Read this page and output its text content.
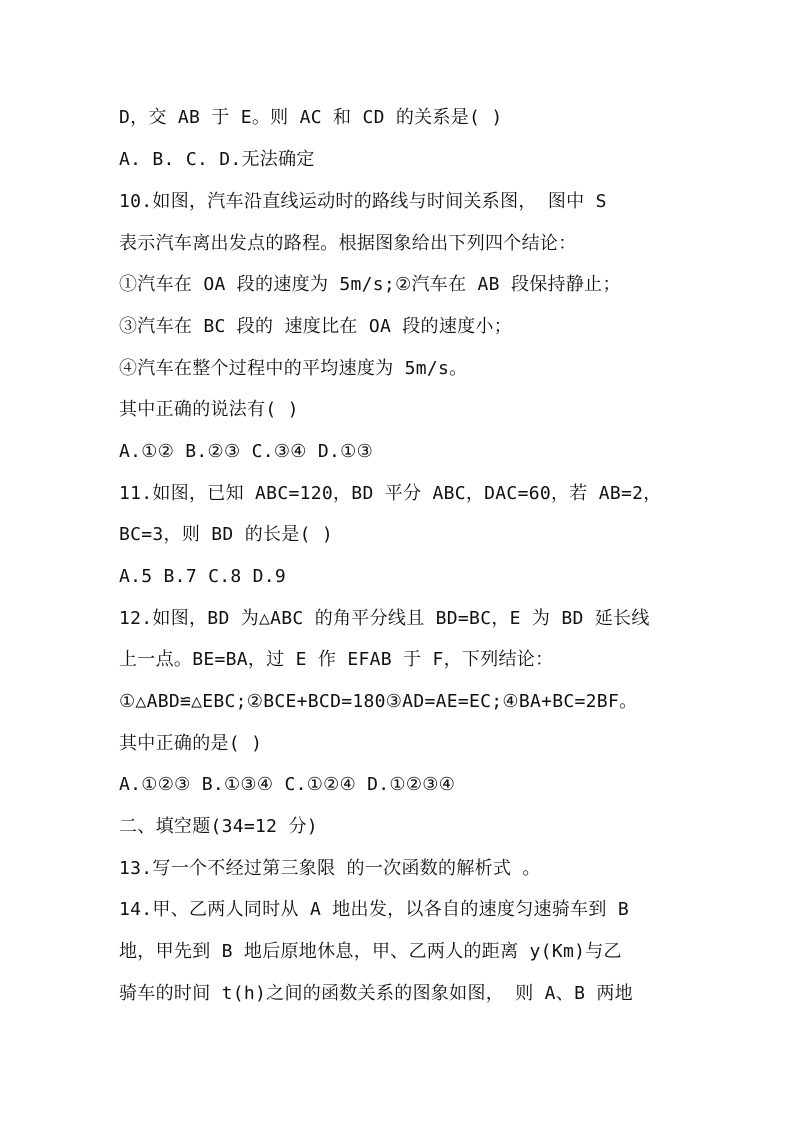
D，交 AB 于 E。则 AC 和 CD 的关系是( )
A. B. C. D.无法确定
10.如图，汽车沿直线运动时的路线与时间关系图， 图中 S
表示汽车离出发点的路程。根据图象给出下列四个结论：
①汽车在 OA 段的速度为 5m/s;②汽车在 AB 段保持静止；
③汽车在 BC 段的 速度比在 OA 段的速度小；
④汽车在整个过程中的平均速度为 5m/s。
其中正确的说法有( )
A.①② B.②③ C.③④ D.①③
11.如图，已知 ABC=120，BD 平分 ABC，DAC=60，若 AB=2，
BC=3，则 BD 的长是( )
A.5 B.7 C.8 D.9
12.如图，BD 为△ABC 的角平分线且 BD=BC，E 为 BD 延长线
上一点。BE=BA，过 E 作 EFAB 于 F，下列结论：
①△ABD≌△EBC;②BCE+BCD=180③AD=AE=EC;④BA+BC=2BF。
其中正确的是( )
A.①②③ B.①③④ C.①②④ D.①②③④
二、填空题(34=12 分)
13.写一个不经过第三象限 的一次函数的解析式 。
14.甲、乙两人同时从 A 地出发，以各自的速度匀速骑车到 B
地，甲先到 B 地后原地休息，甲、乙两人的距离 y(Km)与乙
骑车的时间 t(h)之间的函数关系的图象如图， 则 A、B 两地
